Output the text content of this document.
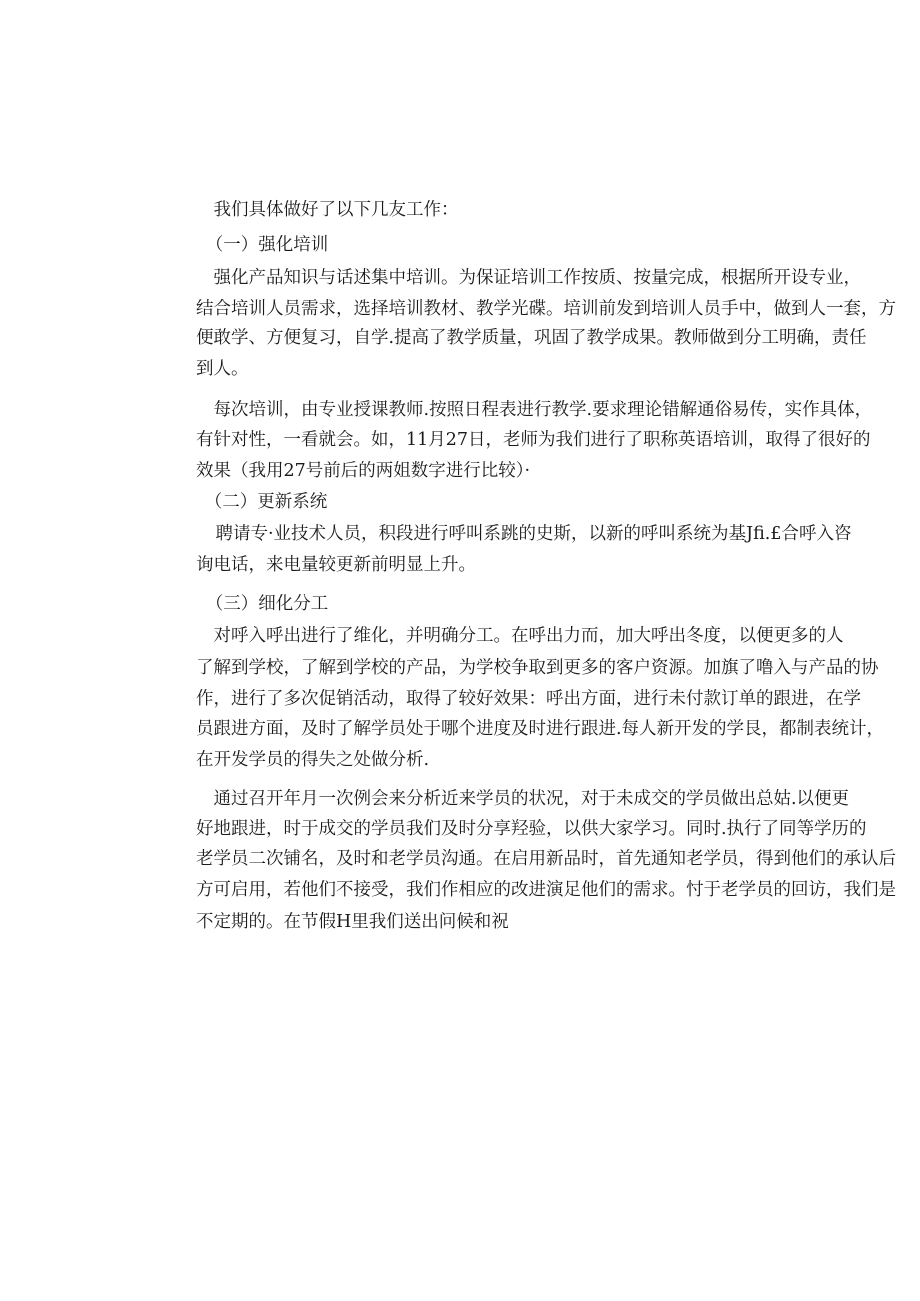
　我们具体做好了以下几友工作：
　（一）强化培训
　强化产品知识与话述集中培训。为保证培训工作按质、按量完成，根据所开设专业，
结合培训人员需求，选择培训教材、教学光碟。培训前发到培训人员手中，做到人一套，方
便敢学、方便复习，自学.提高了教学质量，巩固了教学成果。教师做到分工明确，责任
到人。
　每次培训，由专业授课教师.按照日程表进行教学.要求理论错解通俗易传，实作具体，
有针对性，一看就会。如，11月27日，老师为我们进行了职称英语培训，取得了很好的
效果（我用27号前后的两姐数字进行比较）·
　（二）更新系统
　聘请专·业技术人员，积段进行呼叫系跳的史斯，以新的呼叫系统为基Jfi.£合呼入咨
询电话，来电量较更新前明显上升。
　（三）细化分工
　对呼入呼出进行了维化，并明确分工。在呼出力而，加大呼出冬度，以便更多的人
了解到学校，了解到学校的产品，为学校争取到更多的客户资源。加旗了噜入与产品的协
作，进行了多次促销活动，取得了较好效果：呼出方面，进行未付款订单的跟进，在学
员跟进方面，及时了解学员处于哪个进度及时进行跟进.每人新开发的学艮，都制表统计，
在开发学员的得失之处做分析.
　通过召开年月一次例会来分析近来学员的状况，对于未成交的学员做出总姑.以便更
好地跟进，时于成交的学员我们及时分享羟验，以供大家学习。同时.执行了同等学历的
老学员二次铺名，及时和老学员沟通。在启用新品时，首先通知老学员，得到他们的承认后
方可启用，若他们不接受，我们作相应的改进演足他们的需求。忖于老学员的回访，我们是
不定期的。在节假H里我们送出问候和祝
